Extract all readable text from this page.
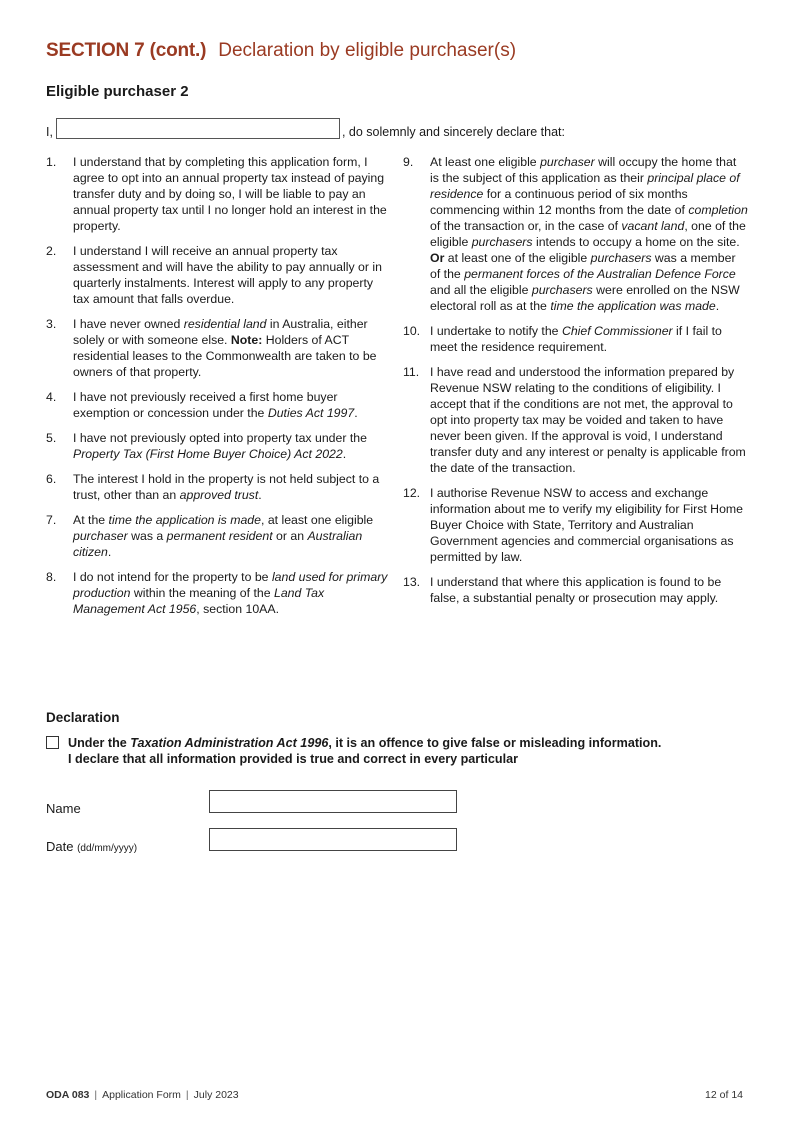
SECTION 7 (cont.) Declaration by eligible purchaser(s)
Eligible purchaser 2
I,	, do solemnly and sincerely declare that:
1.	I understand that by completing this application form, I agree to opt into an annual property tax instead of paying transfer duty and by doing so, I will be liable to pay an annual property tax until I no longer hold an interest in the property.
2.	I understand I will receive an annual property tax assessment and will have the ability to pay annually or in quarterly instalments. Interest will apply to any property tax amount that falls overdue.
3.	I have never owned residential land in Australia, either solely or with someone else. Note: Holders of ACT residential leases to the Commonwealth are taken to be owners of that property.
4.	I have not previously received a first home buyer exemption or concession under the Duties Act 1997.
5.	I have not previously opted into property tax under the Property Tax (First Home Buyer Choice) Act 2022.
6.	The interest I hold in the property is not held subject to a trust, other than an approved trust.
7.	At the time the application is made, at least one eligible purchaser was a permanent resident or an Australian citizen.
8.	I do not intend for the property to be land used for primary production within the meaning of the Land Tax Management Act 1956, section 10AA.
9.	At least one eligible purchaser will occupy the home that is the subject of this application as their principal place of residence for a continuous period of six months commencing within 12 months from the date of completion of the transaction or, in the case of vacant land, one of the eligible purchasers intends to occupy a home on the site.
Or at least one of the eligible purchasers was a member of the permanent forces of the Australian Defence Force and all the eligible purchasers were enrolled on the NSW electoral roll as at the time the application was made.
10. I undertake to notify the Chief Commissioner if I fail to meet the residence requirement.
11. I have read and understood the information prepared by Revenue NSW relating to the conditions of eligibility. I accept that if the conditions are not met, the approval to opt into property tax may be voided and taken to have never been given. If the approval is void, I understand transfer duty and any interest or penalty is applicable from the date of the transaction.
12. I authorise Revenue NSW to access and exchange information about me to verify my eligibility for First Home Buyer Choice with State, Territory and Australian Government agencies and commercial organisations as permitted by law.
13. I understand that where this application is found to be false, a substantial penalty or prosecution may apply.
Declaration
Under the Taxation Administration Act 1996, it is an offence to give false or misleading information.
I declare that all information provided is true and correct in every particular
Name
Date (dd/mm/yyyy)
ODA 083 | Application Form | July 2023	12 of 14
